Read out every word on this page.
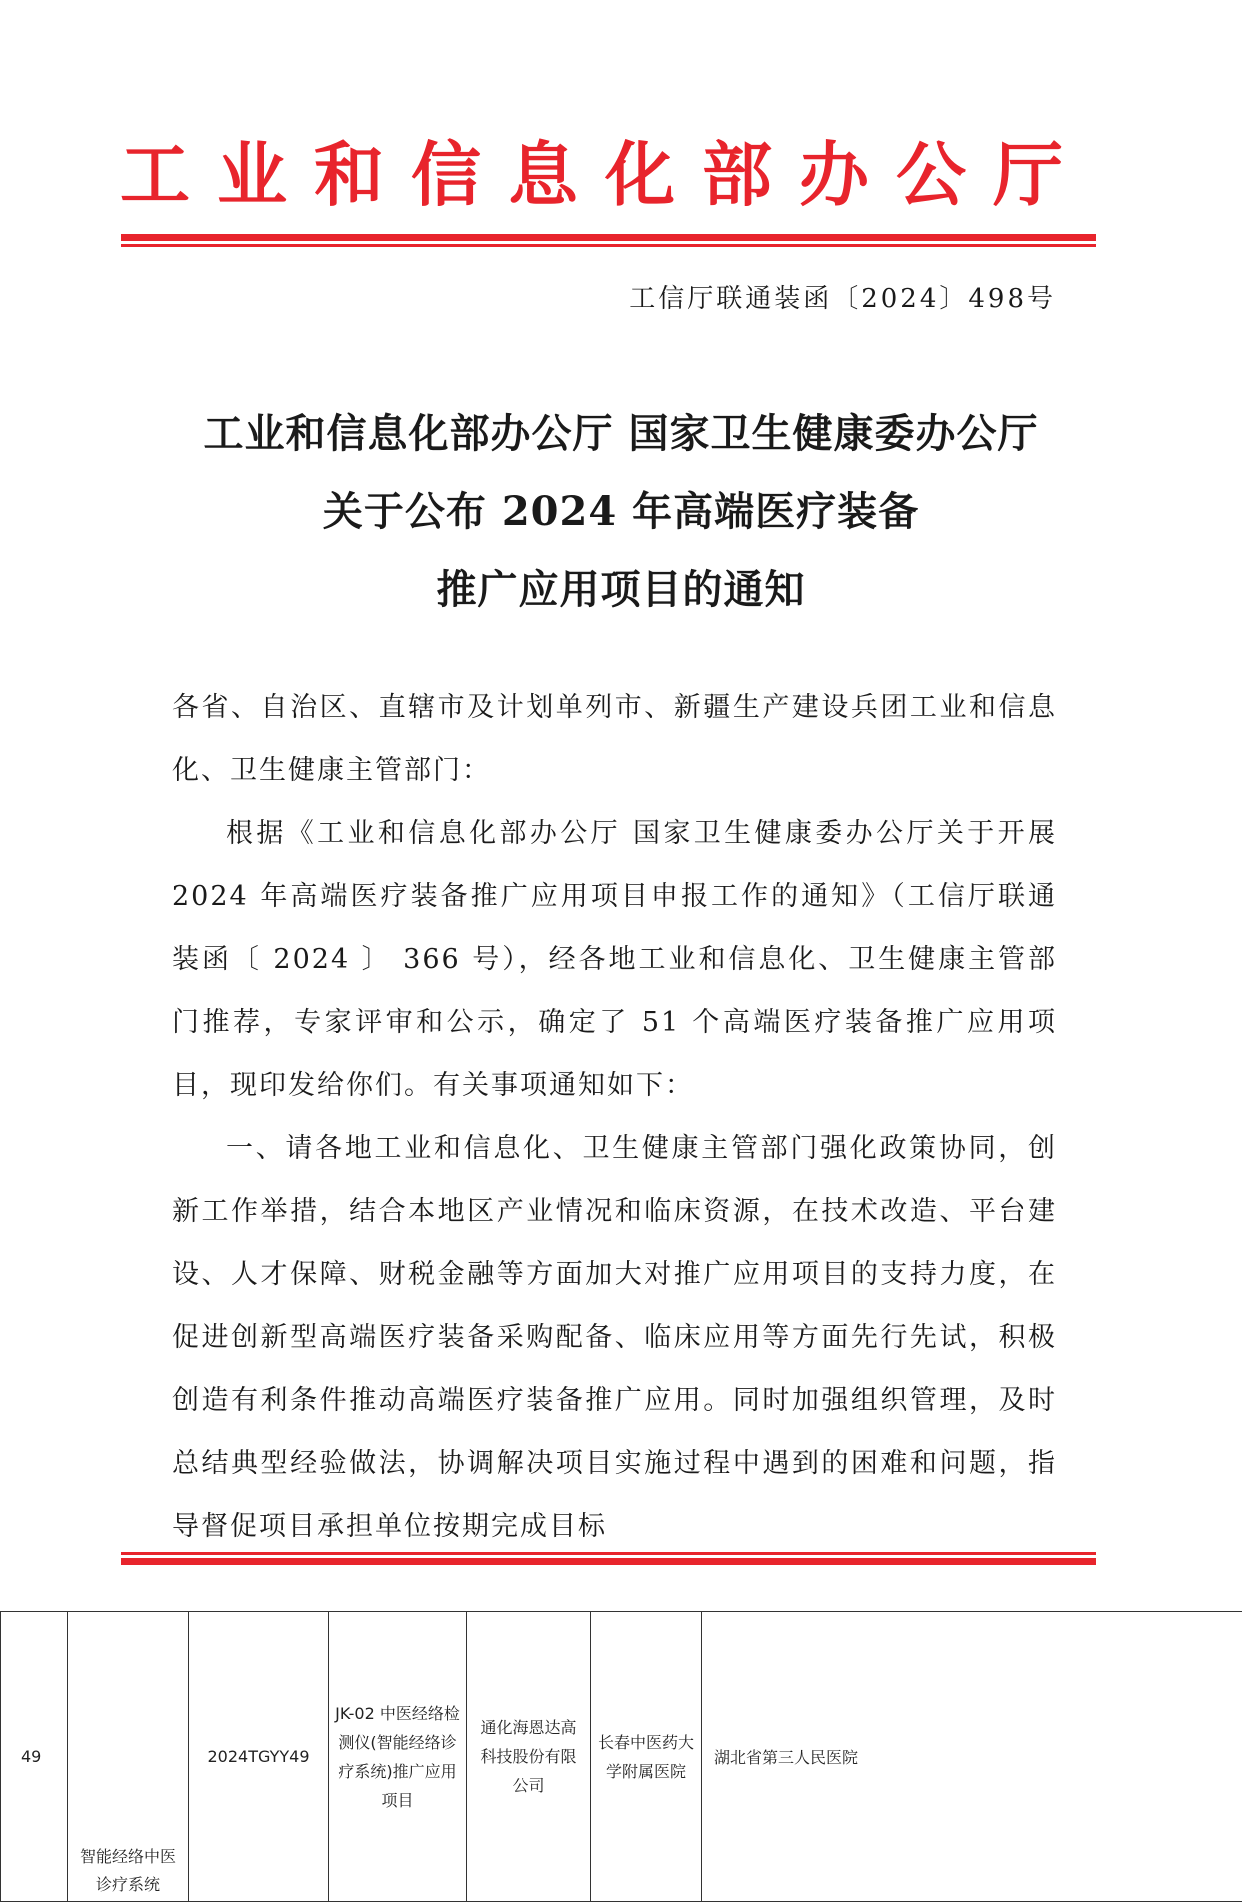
工业和信息化部办公厅
工信厅联通装函〔2024〕498号
工业和信息化部办公厅 国家卫生健康委办公厅
关于公布 2024 年高端医疗装备
推广应用项目的通知

各省、自治区、直辖市及计划单列市、新疆生产建设兵团工业和信息化、卫生健康主管部门：

根据《工业和信息化部办公厅 国家卫生健康委办公厅关于开展 2024 年高端医疗装备推广应用项目申报工作的通知》（工信厅联通装函〔 2024 〕 366 号），经各地工业和信息化、卫生健康主管部门推荐，专家评审和公示，确定了 51 个高端医疗装备推广应用项目，现印发给你们。有关事项通知如下：

一、请各地工业和信息化、卫生健康主管部门强化政策协同，创新工作举措，结合本地区产业情况和临床资源，在技术改造、平台建设、人才保障、财税金融等方面加大对推广应用项目的支持力度，在促进创新型高端医疗装备采购配备、临床应用等方面先行先试，积极创造有利条件推动高端医疗装备推广应用。同时加强组织管理，及时总结典型经验做法，协调解决项目实施过程中遇到的困难和问题，指导督促项目承担单位按期完成目标

49	智能经络中医诊疗系统	2024TGYY49	JK-02 中医经络检测仪(智能经络诊疗系统)推广应用项目	通化海恩达高科技股份有限公司	长春中医药大学附属医院	湖北省第三人民医院
